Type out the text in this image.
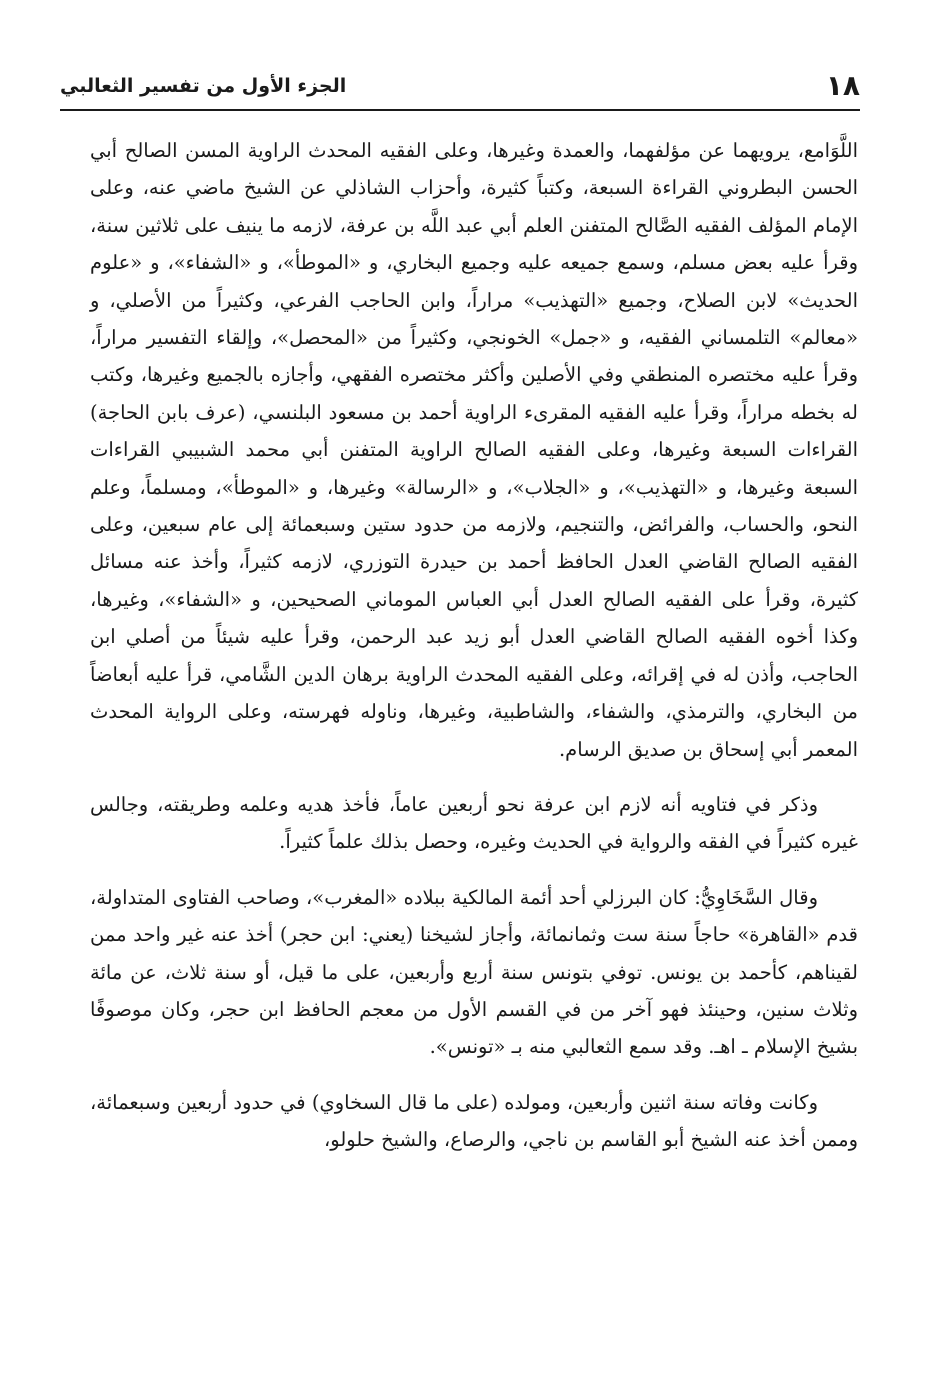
١٨
الجزء الأول من تفسير الثعالبي

اللَّوَامع، يرويهما عن مؤلفهما، والعمدة وغيرها، وعلى الفقيه المحدث الراوية المسن الصالح أبي الحسن البطروني القراءة السبعة، وكتباً كثيرة، وأحزاب الشاذلي عن الشيخ ماضي عنه، وعلى الإمام المؤلف الفقيه الصَّالح المتفنن العلم أبي عبد اللَّه بن عرفة، لازمه ما ينيف على ثلاثين سنة، وقرأ عليه بعض مسلم، وسمع جميعه عليه وجميع البخاري، و «الموطأ»، و «الشفاء»، و «علوم الحديث» لابن الصلاح، وجميع «التهذيب» مراراً، وابن الحاجب الفرعي، وكثيراً من الأصلي، و «معالم» التلمساني الفقيه، و «جمل» الخونجي، وكثيراً من «المحصل»، وإلقاء التفسير مراراً، وقرأ عليه مختصره المنطقي وفي الأصلين وأكثر مختصره الفقهي، وأجازه بالجميع وغيرها، وكتب له بخطه مراراً، وقرأ عليه الفقيه المقرىء الراوية أحمد بن مسعود البلنسي، (عرف بابن الحاجة) القراءات السبعة وغيرها، وعلى الفقيه الصالح الراوية المتفنن أبي محمد الشبيبي القراءات السبعة وغيرها، و «التهذيب»، و «الجلاب»، و «الرسالة» وغيرها، و «الموطأ»، ومسلماً، وعلم النحو، والحساب، والفرائض، والتنجيم، ولازمه من حدود ستين وسبعمائة إلى عام سبعين، وعلى الفقيه الصالح القاضي العدل الحافظ أحمد بن حيدرة التوزري، لازمه كثيراً، وأخذ عنه مسائل كثيرة، وقرأ على الفقيه الصالح العدل أبي العباس الموماني الصحيحين، و «الشفاء»، وغيرها، وكذا أخوه الفقيه الصالح القاضي العدل أبو زيد عبد الرحمن، وقرأ عليه شيئاً من أصلي ابن الحاجب، وأذن له في إقرائه، وعلى الفقيه المحدث الراوية برهان الدين الشَّامي، قرأ عليه أبعاضاً من البخاري، والترمذي، والشفاء، والشاطبية، وغيرها، وناوله فهرسته، وعلى الرواية المحدث المعمر أبي إسحاق بن صديق الرسام.

وذكر في فتاويه أنه لازم ابن عرفة نحو أربعين عاماً، فأخذ هديه وعلمه وطريقته، وجالس غيره كثيراً في الفقه والرواية في الحديث وغيره، وحصل بذلك علماً كثيراً.

وقال السَّخَاوِيُّ: كان البرزلي أحد أئمة المالكية ببلاده «المغرب»، وصاحب الفتاوى المتداولة، قدم «القاهرة» حاجاً سنة ست وثمانمائة، وأجاز لشيخنا (يعني: ابن حجر) أخذ عنه غير واحد ممن لقيناهم، كأحمد بن يونس. توفي بتونس سنة أربع وأربعين، على ما قيل، أو سنة ثلاث، عن مائة وثلاث سنين، وحينئذ فهو آخر من في القسم الأول من معجم الحافظ ابن حجر، وكان موصوفًا بشيخ الإسلام ـ اهـ. وقد سمع الثعالبي منه بـ «تونس».

وكانت وفاته سنة اثنين وأربعين، ومولده (على ما قال السخاوي) في حدود أربعين وسبعمائة، وممن أخذ عنه الشيخ أبو القاسم بن ناجي، والرصاع، والشيخ حلولو،
